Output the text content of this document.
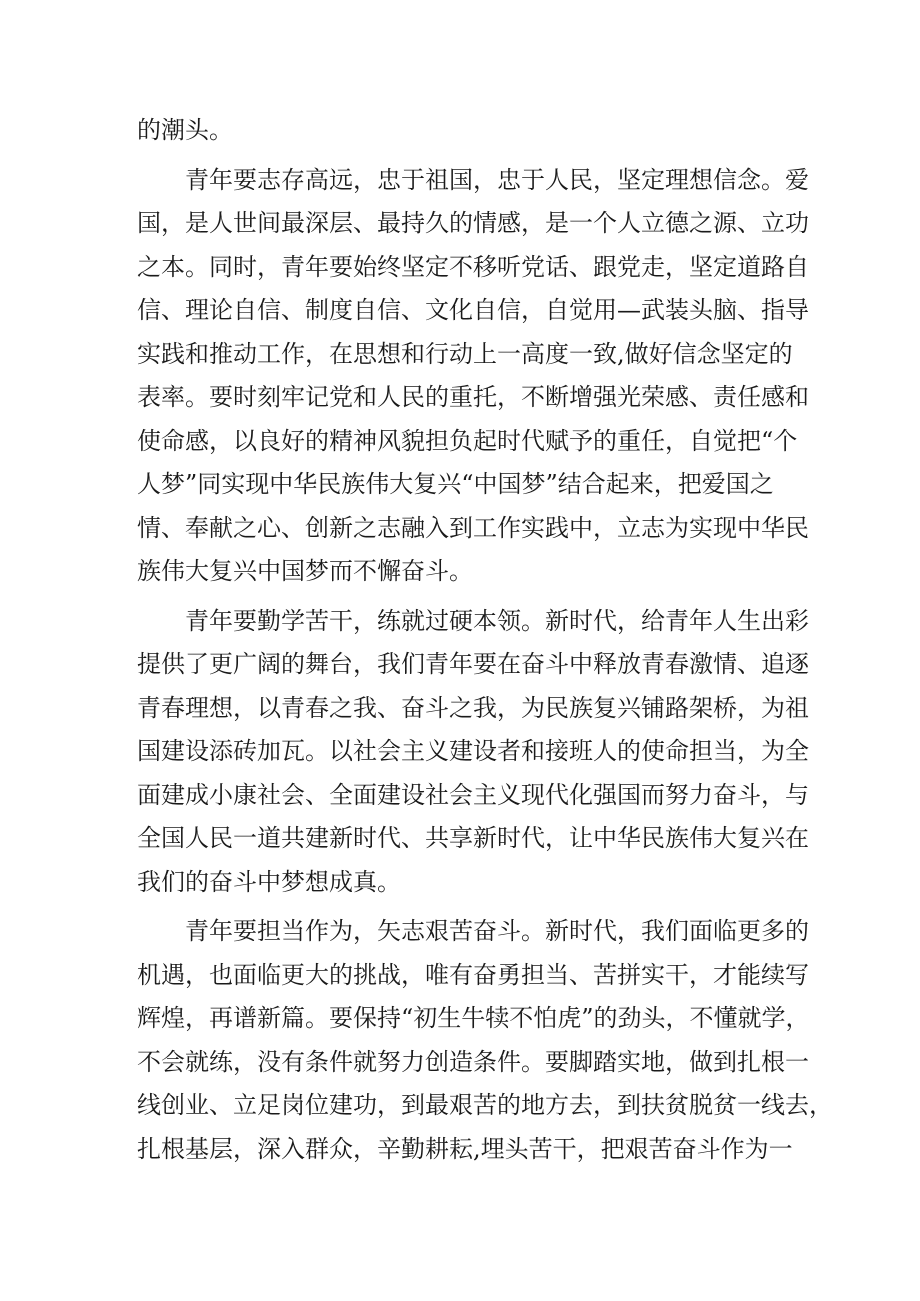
的潮头。
青年要志存高远，忠于祖国，忠于人民，坚定理想信念。爱
国，是人世间最深层、最持久的情感，是一个人立德之源、立功
之本。同时，青年要始终坚定不移听党话、跟党走，坚定道路自
信、理论自信、制度自信、文化自信，自觉用—武装头脑、指导
实践和推动工作，在思想和行动上一高度一致,做好信念坚定的
表率。要时刻牢记党和人民的重托，不断增强光荣感、责任感和
使命感，以良好的精神风貌担负起时代赋予的重任，自觉把“个
人梦”同实现中华民族伟大复兴“中国梦”结合起来，把爱国之
情、奉献之心、创新之志融入到工作实践中，立志为实现中华民
族伟大复兴中国梦而不懈奋斗。
青年要勤学苦干，练就过硬本领。新时代，给青年人生出彩
提供了更广阔的舞台，我们青年要在奋斗中释放青春激情、追逐
青春理想，以青春之我、奋斗之我，为民族复兴铺路架桥，为祖
国建设添砖加瓦。以社会主义建设者和接班人的使命担当，为全
面建成小康社会、全面建设社会主义现代化强国而努力奋斗，与
全国人民一道共建新时代、共享新时代，让中华民族伟大复兴在
我们的奋斗中梦想成真。
青年要担当作为，矢志艰苦奋斗。新时代，我们面临更多的
机遇，也面临更大的挑战，唯有奋勇担当、苦拼实干，才能续写
辉煌，再谱新篇。要保持“初生牛犊不怕虎”的劲头，不懂就学，
不会就练，没有条件就努力创造条件。要脚踏实地，做到扎根一
线创业、立足岗位建功，到最艰苦的地方去，到扶贫脱贫一线去，
扎根基层，深入群众，辛勤耕耘,埋头苦干，把艰苦奋斗作为一
